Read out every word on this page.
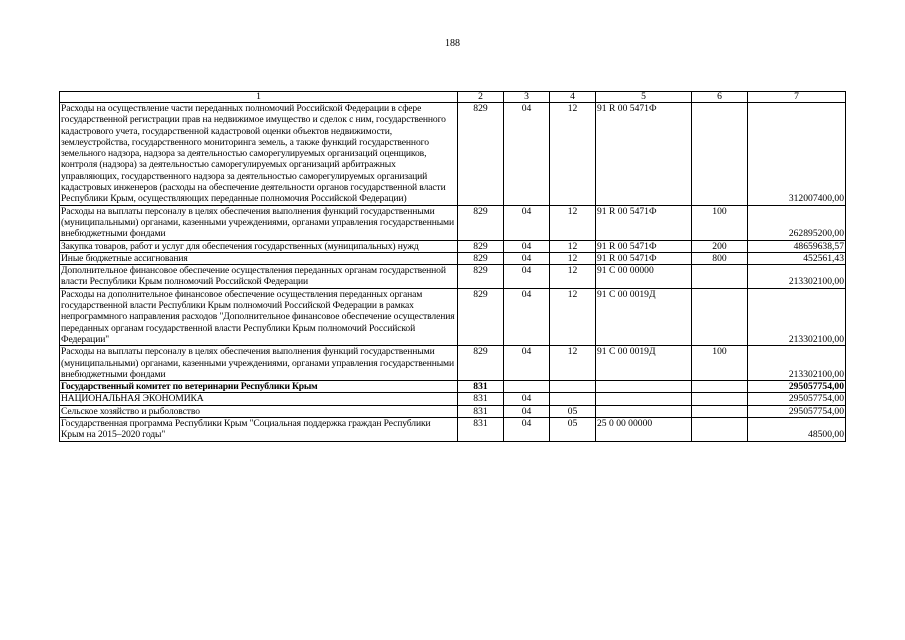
188
1	2	3	4	5	6	7
Расходы на осуществление части переданных полномочий Российской Федерации в сфере государственной регистрации прав на недвижимое имущество и сделок с ним, государственного кадастрового учета, государственной кадастровой оценки объектов недвижимости, землеустройства, государственного мониторинга земель, а также функций государственного земельного надзора, надзора за деятельностью саморегулируемых организаций оценщиков, контроля (надзора) за деятельностью саморегулируемых организаций арбитражных управляющих, государственного надзора за деятельностью саморегулируемых организаций кадастровых инженеров (расходы на обеспечение деятельности органов государственной власти Республики Крым, осуществляющих переданные полномочия Российской Федерации)	829	04	12	91 R 00 5471Ф		312007400,00
Расходы на выплаты персоналу в целях обеспечения выполнения функций государственными (муниципальными) органами, казенными учреждениями, органами управления государственными внебюджетными фондами	829	04	12	91 R 00 5471Ф	100	262895200,00
Закупка товаров, работ и услуг для обеспечения государственных (муниципальных) нужд	829	04	12	91 R 00 5471Ф	200	48659638,57
Иные бюджетные ассигнования	829	04	12	91 R 00 5471Ф	800	452561,43
Дополнительное финансовое обеспечение осуществления переданных органам государственной власти Республики Крым полномочий Российской Федерации	829	04	12	91 С 00 00000		213302100,00
Расходы на дополнительное финансовое обеспечение осуществления переданных органам государственной власти Республики Крым полномочий Российской Федерации в рамках непрограммного направления расходов "Дополнительное финансовое обеспечение осуществления переданных органам государственной власти Республики Крым полномочий Российской Федерации"	829	04	12	91 С 00 0019Д		213302100,00
Расходы на выплаты персоналу в целях обеспечения выполнения функций государственными (муниципальными) органами, казенными учреждениями, органами управления государственными внебюджетными фондами	829	04	12	91 С 00 0019Д	100	213302100,00
Государственный комитет по ветеринарии Республики Крым	831					295057754,00
НАЦИОНАЛЬНАЯ ЭКОНОМИКА	831	04				295057754,00
Сельское хозяйство и рыболовство	831	04	05			295057754,00
Государственная программа Республики Крым "Социальная поддержка граждан Республики Крым на 2015–2020 годы"	831	04	05	25 0 00 00000		48500,00
